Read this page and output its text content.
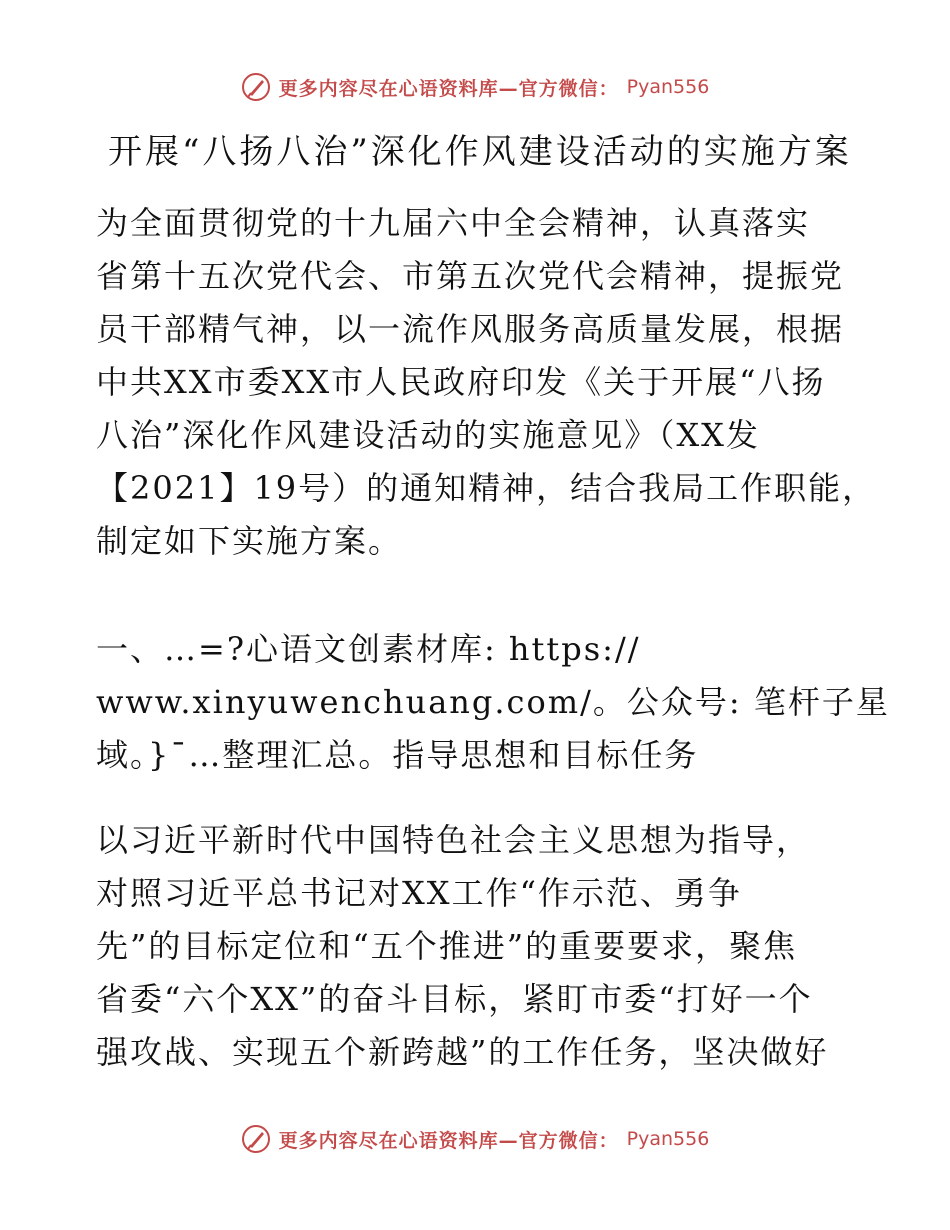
更多内容尽在心语资料库—官方微信： Pyan556
开展“八扬八治”深化作风建设活动的实施方案
为全面贯彻党的十九届六中全会精神，认真落实
省第十五次党代会、市第五次党代会精神，提振党
员干部精气神，以一流作风服务高质量发展，根据
中共XX市委XX市人民政府印发《关于开展“八扬
八治”深化作风建设活动的实施意见》（XX发
【2021】19号）的通知精神，结合我局工作职能，
制定如下实施方案。
一、…=?心语文创素材库: https://
www.xinyuwenchuang.com/。公众号: 笔杆子星
域。}¯…整理汇总。指导思想和目标任务
以习近平新时代中国特色社会主义思想为指导，
对照习近平总书记对XX工作“作示范、勇争
先”的目标定位和“五个推进”的重要要求，聚焦
省委“六个XX”的奋斗目标，紧盯市委“打好一个
强攻战、实现五个新跨越”的工作任务，坚决做好
更多内容尽在心语资料库—官方微信： Pyan556
